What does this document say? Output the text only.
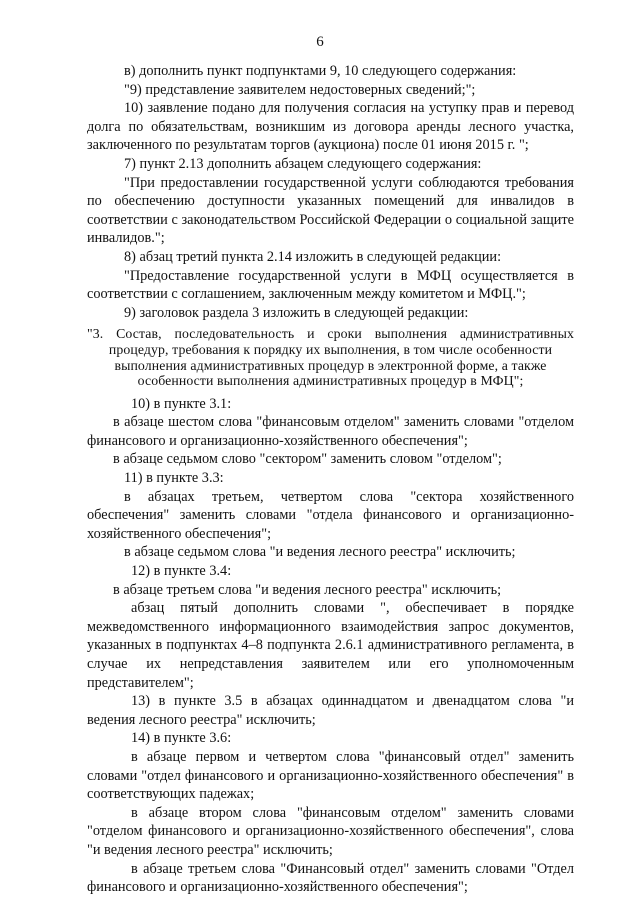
6

в) дополнить пункт подпунктами 9, 10 следующего содержания:

"9) представление заявителем недостоверных сведений;";

10) заявление подано для получения согласия на уступку прав и перевод долга по обязательствам, возникшим из договора аренды лесного участка, заключенного по результатам торгов (аукциона) после 01 июня 2015 г. ";

7) пункт 2.13 дополнить абзацем следующего содержания:

"При предоставлении государственной услуги соблюдаются требования по обеспечению доступности указанных помещений для инвалидов в соответствии с законодательством Российской Федерации о социальной защите инвалидов.";

8) абзац третий пункта 2.14 изложить в следующей редакции:

"Предоставление государственной услуги в МФЦ осуществляется в соответствии с соглашением, заключенным между комитетом и МФЦ.";

9) заголовок раздела 3 изложить в следующей редакции:

"3. Состав, последовательность и сроки выполнения административных
процедур, требования к порядку их выполнения, в том числе особенности выполнения административных процедур в электронной форме, а также особенности выполнения административных процедур в МФЦ";

10) в пункте 3.1:

в абзаце шестом слова "финансовым отделом" заменить словами "отделом финансового и организационно-хозяйственного обеспечения";

в абзаце седьмом слово "сектором" заменить словом "отделом";

11) в пункте 3.3:

в абзацах третьем, четвертом слова "сектора хозяйственного обеспечения" заменить словами "отдела финансового и организационно-хозяйственного обеспечения";

в абзаце седьмом слова "и ведения лесного реестра" исключить;

12) в пункте 3.4:

в абзаце третьем слова "и ведения лесного реестра" исключить;

абзац пятый дополнить словами ", обеспечивает в порядке межведомственного информационного взаимодействия запрос документов, указанных в подпунктах 4–8 подпункта 2.6.1 административного регламента, в случае их непредставления заявителем или его уполномоченным представителем";

13) в пункте 3.5 в абзацах одиннадцатом и двенадцатом слова "и ведения лесного реестра" исключить;

14) в пункте 3.6:

в абзаце первом и четвертом слова "финансовый отдел" заменить словами "отдел финансового и организационно-хозяйственного обеспечения" в соответствующих падежах;

в абзаце втором слова "финансовым отделом" заменить словами "отделом финансового и организационно-хозяйственного обеспечения", слова "и ведения лесного реестра" исключить;

в абзаце третьем слова "Финансовый отдел" заменить словами "Отдел финансового и организационно-хозяйственного обеспечения";
